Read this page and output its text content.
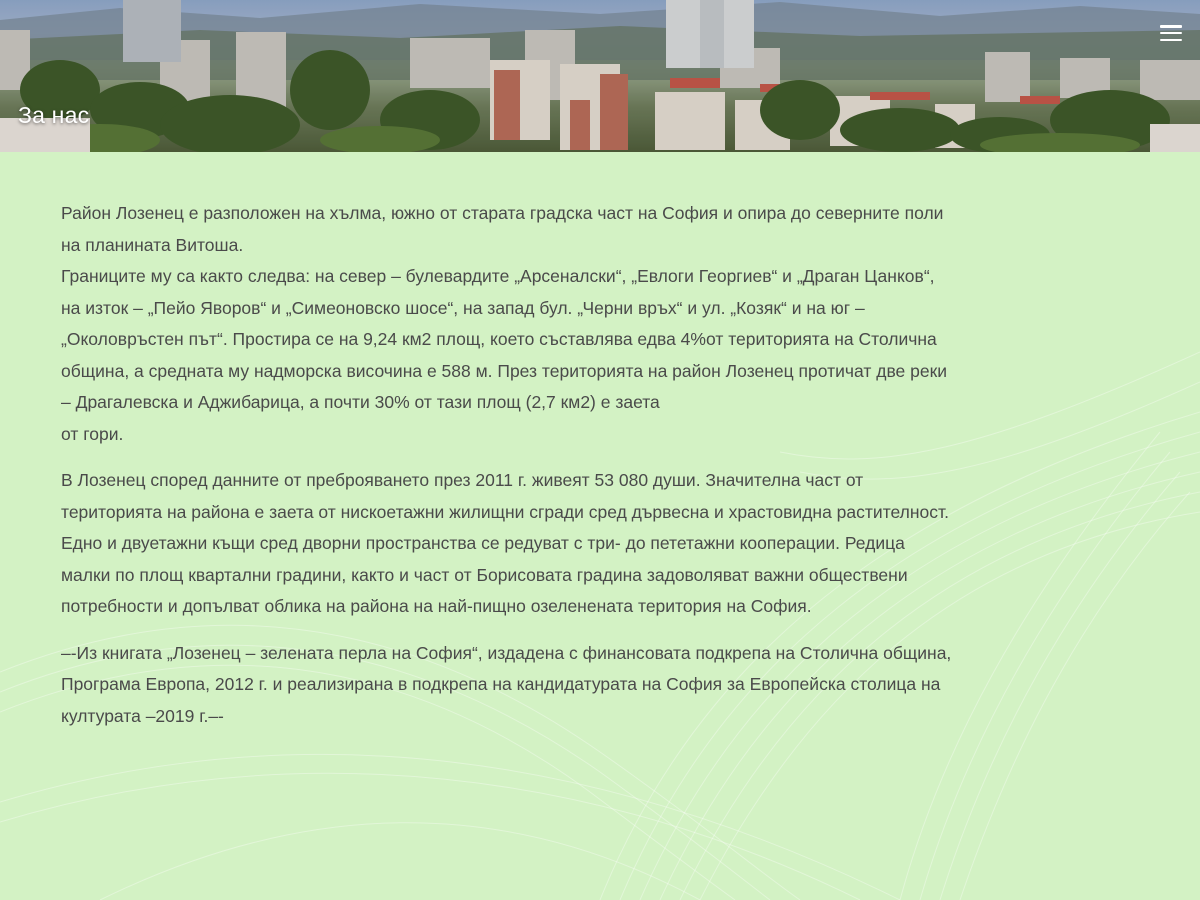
За нас

Район Лозенец е разположен на хълма, южно от старата градска част на София и опира до северните поли
на планината Витоша.
Границите му са както следва: на север – булевардите „Арсеналски“, „Евлоги Георгиев“ и „Драган Цанков“,
на изток – „Пейо Яворов“ и „Симеоновско шосе“, на запад бул. „Черни връх“ и ул. „Козяк“ и на юг –
„Околовръстен път“. Простира се на 9,24 км2 площ, което съставлява едва 4%от територията на Столична
община, а средната му надморска височина е 588 м. През територията на район Лозенец протичат две реки
– Драгалевска и Аджибарица, а почти 30% от тази площ (2,7 км2) е заета
от гори.

В Лозенец според данните от преброяването през 2011 г. живеят 53 080 души. Значителна част от
територията на района е заета от нискоетажни жилищни сгради сред дървесна и храстовидна растителност.
Едно и двуетажни къщи сред дворни пространства се редуват с три- до пететажни кооперации. Редица
малки по площ квартални градини, както и част от Борисовата градина задоволяват важни обществени
потребности и допълват облика на района на най-пищно озеленената територия на София.

–-Из книгата „Лозенец – зелената перла на София“, издадена с финансовата подкрепа на Столична община,
Програма Европа, 2012 г. и реализирана в подкрепа на кандидатурата на София за Европейска столица на
културата –2019 г.–-
